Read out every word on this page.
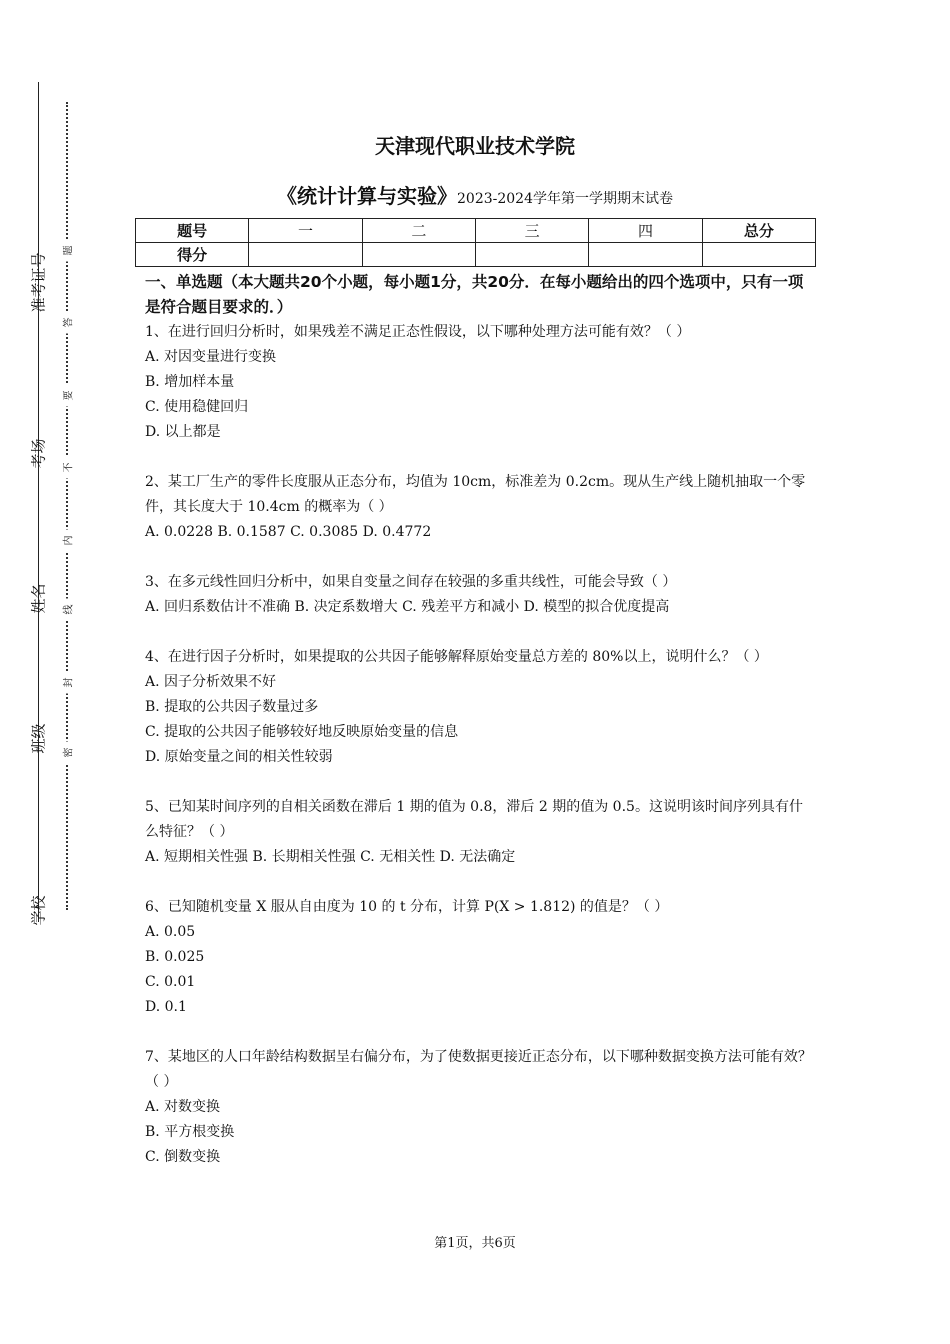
准考证号
考场
姓名
班级
学校
题
答
要
不
内
线
封
密
天津现代职业技术学院
《统计计算与实验》2023-2024学年第一学期期末试卷
题号	一	二	三	四	总分
得分					
一、单选题（本大题共20个小题，每小题1分，共20分．在每小题给出的四个选项中，只有一项是符合题目要求的．）

1、在进行回归分析时，如果残差不满足正态性假设，以下哪种处理方法可能有效？（ ）

A. 对因变量进行变换

B. 增加样本量

C. 使用稳健回归

D. 以上都是

2、某工厂生产的零件长度服从正态分布，均值为 10cm，标准差为 0.2cm。现从生产线上随机抽取一个零件，其长度大于 10.4cm 的概率为（ ）

A. 0.0228 B. 0.1587 C. 0.3085 D. 0.4772

3、在多元线性回归分析中，如果自变量之间存在较强的多重共线性，可能会导致（ ）

A. 回归系数估计不准确 B. 决定系数增大 C. 残差平方和减小 D. 模型的拟合优度提高

4、在进行因子分析时，如果提取的公共因子能够解释原始变量总方差的 80%以上，说明什么？（ ）

A. 因子分析效果不好

B. 提取的公共因子数量过多

C. 提取的公共因子能够较好地反映原始变量的信息

D. 原始变量之间的相关性较弱

5、已知某时间序列的自相关函数在滞后 1 期的值为 0.8，滞后 2 期的值为 0.5。这说明该时间序列具有什么特征？（ ）

A. 短期相关性强 B. 长期相关性强 C. 无相关性 D. 无法确定

6、已知随机变量 X 服从自由度为 10 的 t 分布，计算 P(X > 1.812) 的值是？（ ）

A. 0.05

B. 0.025

C. 0.01

D. 0.1

7、某地区的人口年龄结构数据呈右偏分布，为了使数据更接近正态分布，以下哪种数据变换方法可能有效？（ ）

A. 对数变换

B. 平方根变换

C. 倒数变换

第1页，共6页
